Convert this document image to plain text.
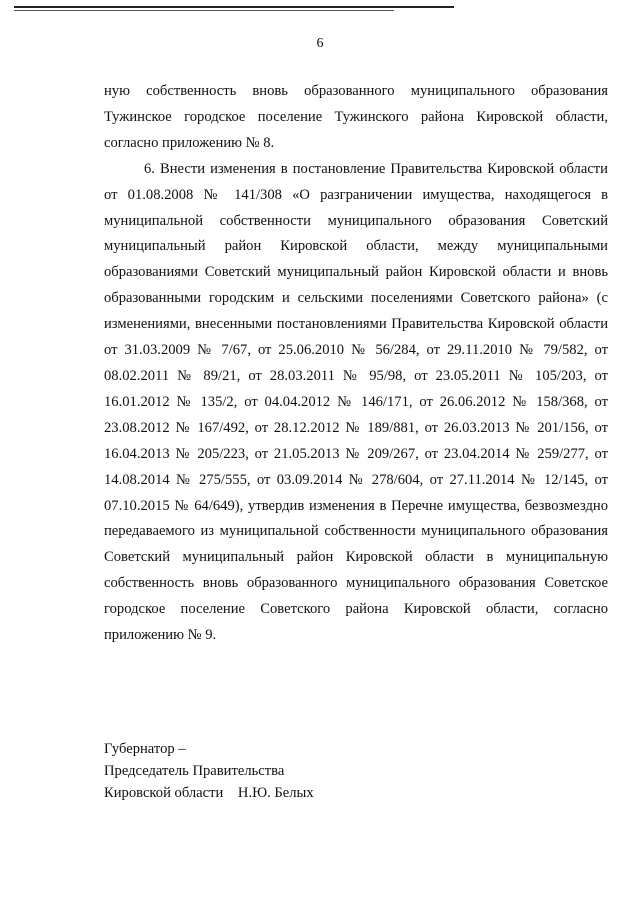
6

ную собственность вновь образованного муниципального образования Тужинское городское поселение Тужинского района Кировской области, согласно приложению № 8.

6. Внести изменения в постановление Правительства Кировской области от 01.08.2008 № 141/308 «О разграничении имущества, находящегося в муниципальной собственности муниципального образования Советский муниципальный район Кировской области, между муниципальными образованиями Советский муниципальный район Кировской области и вновь образованными городским и сельскими поселениями Советского района» (с изменениями, внесенными постановлениями Правительства Кировской области от 31.03.2009 № 7/67, от 25.06.2010 № 56/284, от 29.11.2010 № 79/582, от 08.02.2011 № 89/21, от 28.03.2011 № 95/98, от 23.05.2011 № 105/203, от 16.01.2012 № 135/2, от 04.04.2012 № 146/171, от 26.06.2012 № 158/368, от 23.08.2012 № 167/492, от 28.12.2012 № 189/881, от 26.03.2013 № 201/156, от 16.04.2013 № 205/223, от 21.05.2013 № 209/267, от 23.04.2014 № 259/277, от 14.08.2014 № 275/555, от 03.09.2014 № 278/604, от 27.11.2014 № 12/145, от 07.10.2015 № 64/649), утвердив изменения в Перечне имущества, безвозмездно передаваемого из муниципальной собственности муниципального образования Советский муниципальный район Кировской области в муниципальную собственность вновь образованного муниципального образования Советское городское поселение Советского района Кировской области, согласно приложению № 9.

Губернатор –
Председатель Правительства
Кировской области    Н.Ю. Белых
